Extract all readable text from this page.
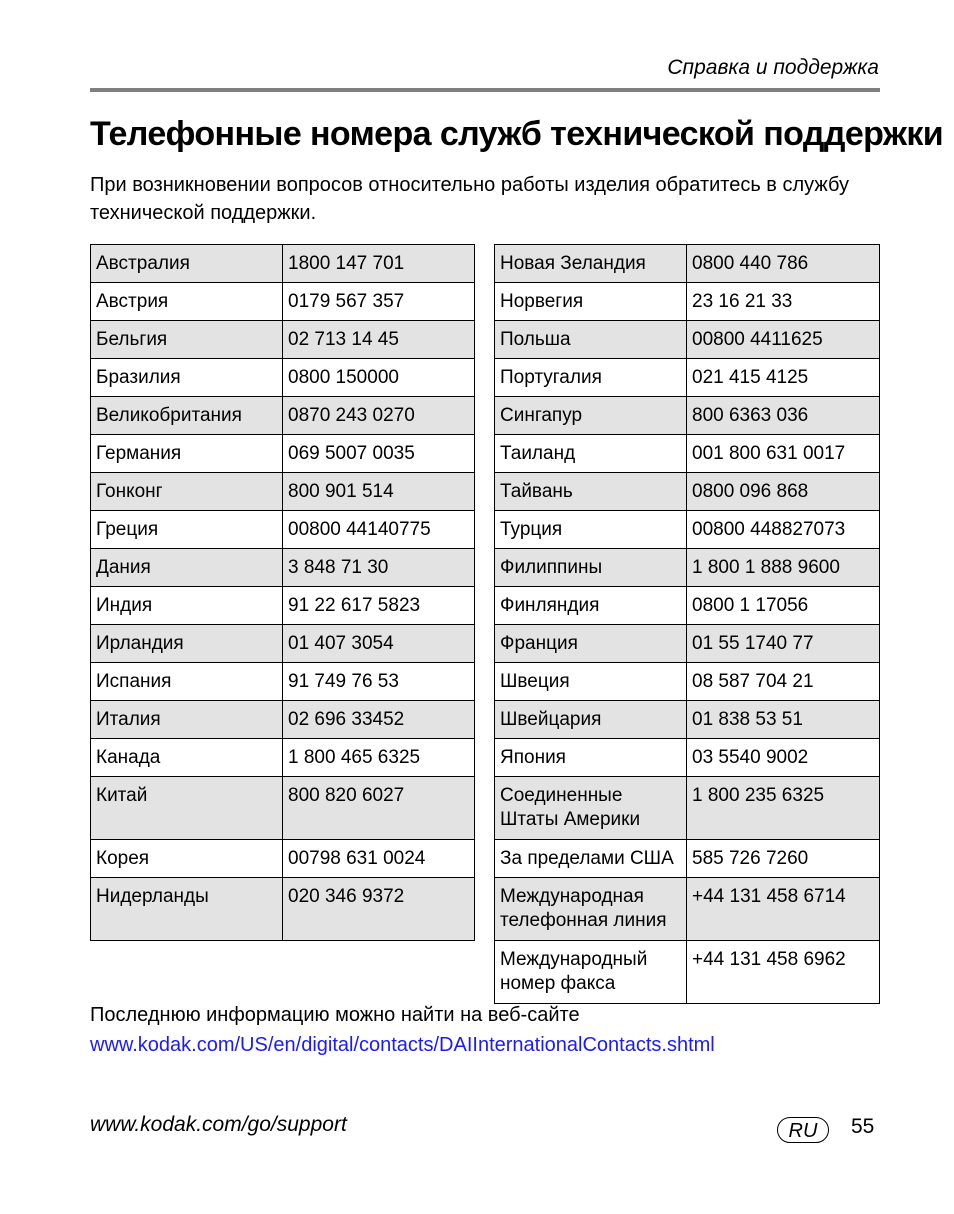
Справка и поддержка
Телефонные номера служб технической поддержки
При возникновении вопросов относительно работы изделия обратитесь в службу технической поддержки.
Австралия	1800 147 701
Австрия	0179 567 357
Бельгия	02 713 14 45
Бразилия	0800 150000
Великобритания	0870 243 0270
Германия	069 5007 0035
Гонконг	800 901 514
Греция	00800 44140775
Дания	3 848 71 30
Индия	91 22 617 5823
Ирландия	01 407 3054
Испания	91 749 76 53
Италия	02 696 33452
Канада	1 800 465 6325
Китай	800 820 6027
Корея	00798 631 0024
Нидерланды	020 346 9372
Новая Зеландия	0800 440 786
Норвегия	23 16 21 33
Польша	00800 4411625
Португалия	021 415 4125
Сингапур	800 6363 036
Таиланд	001 800 631 0017
Тайвань	0800 096 868
Турция	00800 448827073
Филиппины	1 800 1 888 9600
Финляндия	0800 1 17056
Франция	01 55 1740 77
Швеция	08 587 704 21
Швейцария	01 838 53 51
Япония	03 5540 9002
Соединенные Штаты Америки	1 800 235 6325
За пределами США	585 726 7260
Международная телефонная линия	+44 131 458 6714
Международный номер факса	+44 131 458 6962
Последнюю информацию можно найти на веб-сайте
www.kodak.com/US/en/digital/contacts/DAIInternationalContacts.shtml
www.kodak.com/go/support	RU	55
